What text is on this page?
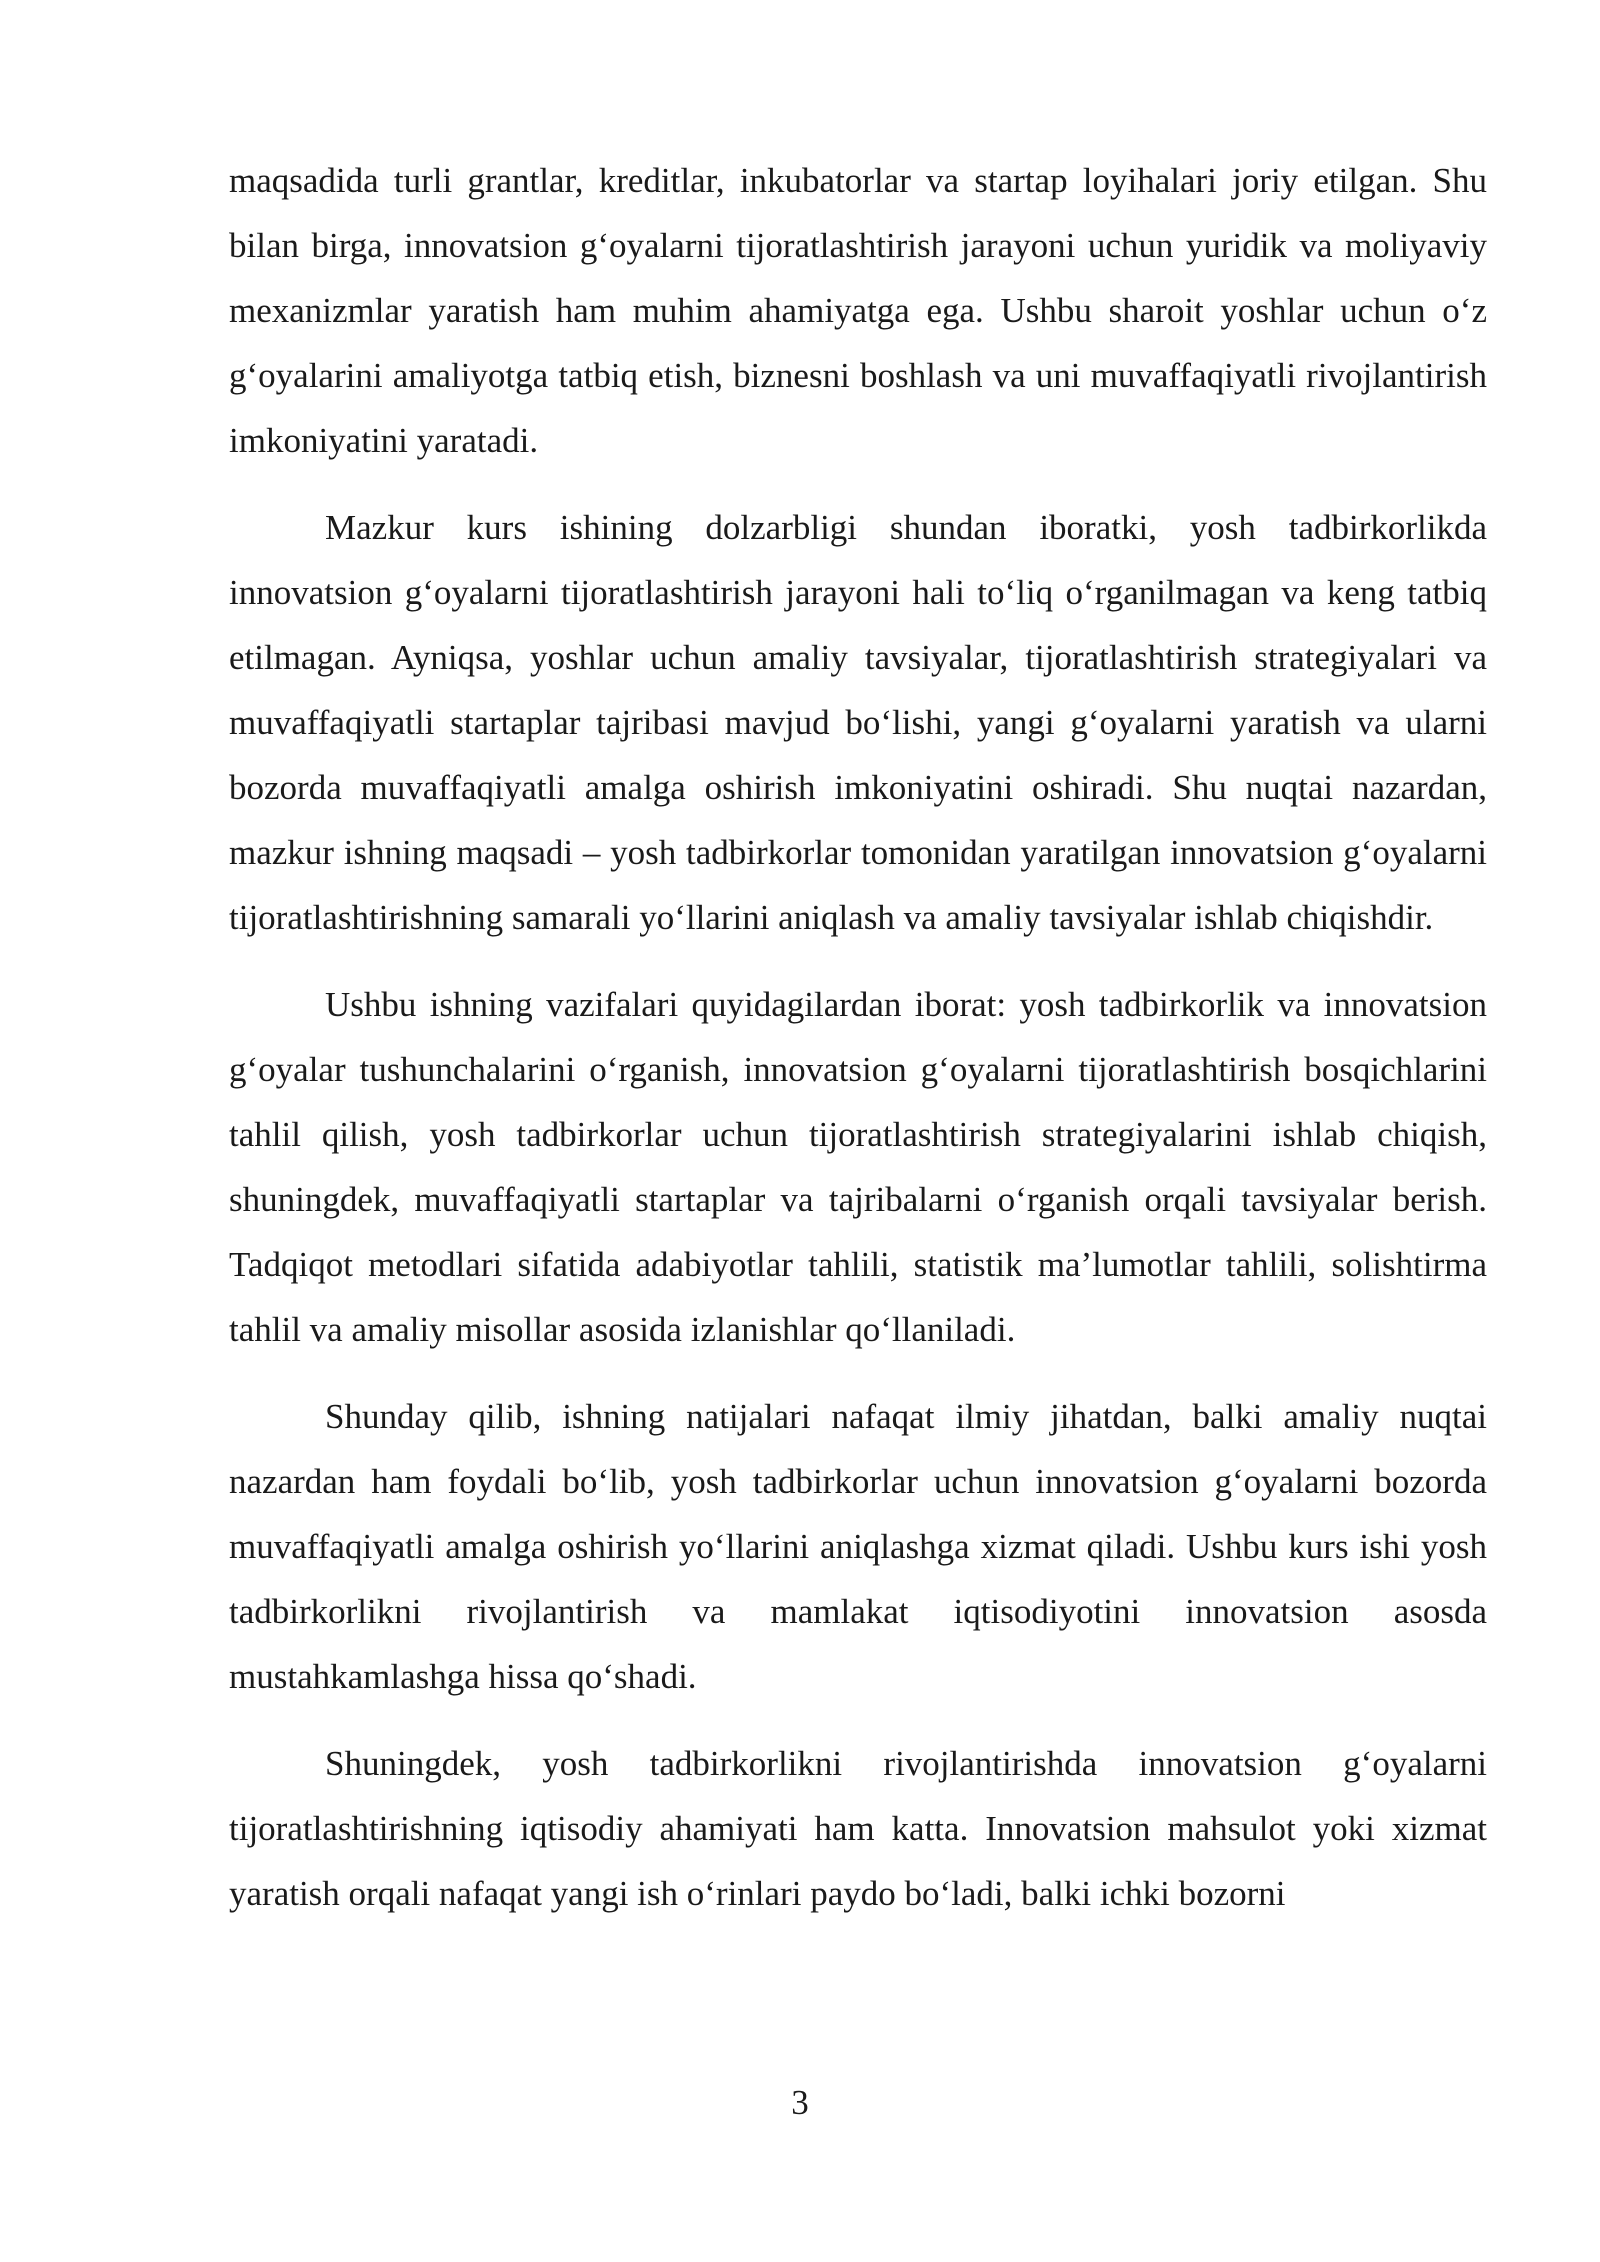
maqsadida turli grantlar, kreditlar, inkubatorlar va startap loyihalari joriy etilgan. Shu bilan birga, innovatsion g‘oyalarni tijoratlashtirish jarayoni uchun yuridik va moliyaviy mexanizmlar yaratish ham muhim ahamiyatga ega. Ushbu sharoit yoshlar uchun o‘z g‘oyalarini amaliyotga tatbiq etish, biznesni boshlash va uni muvaffaqiyatli rivojlantirish imkoniyatini yaratadi.

Mazkur kurs ishining dolzarbligi shundan iboratki, yosh tadbirkorlikda innovatsion g‘oyalarni tijoratlashtirish jarayoni hali to‘liq o‘rganilmagan va keng tatbiq etilmagan. Ayniqsa, yoshlar uchun amaliy tavsiyalar, tijoratlashtirish strategiyalari va muvaffaqiyatli startaplar tajribasi mavjud bo‘lishi, yangi g‘oyalarni yaratish va ularni bozorda muvaffaqiyatli amalga oshirish imkoniyatini oshiradi. Shu nuqtai nazardan, mazkur ishning maqsadi – yosh tadbirkorlar tomonidan yaratilgan innovatsion g‘oyalarni tijoratlashtirishning samarali yo‘llarini aniqlash va amaliy tavsiyalar ishlab chiqishdir.

Ushbu ishning vazifalari quyidagilardan iborat: yosh tadbirkorlik va innovatsion g‘oyalar tushunchalarini o‘rganish, innovatsion g‘oyalarni tijoratlashtirish bosqichlarini tahlil qilish, yosh tadbirkorlar uchun tijoratlashtirish strategiyalarini ishlab chiqish, shuningdek, muvaffaqiyatli startaplar va tajribalarni o‘rganish orqali tavsiyalar berish. Tadqiqot metodlari sifatida adabiyotlar tahlili, statistik ma’lumotlar tahlili, solishtirma tahlil va amaliy misollar asosida izlanishlar qo‘llaniladi.

Shunday qilib, ishning natijalari nafaqat ilmiy jihatdan, balki amaliy nuqtai nazardan ham foydali bo‘lib, yosh tadbirkorlar uchun innovatsion g‘oyalarni bozorda muvaffaqiyatli amalga oshirish yo‘llarini aniqlashga xizmat qiladi. Ushbu kurs ishi yosh tadbirkorlikni rivojlantirish va mamlakat iqtisodiyotini innovatsion asosda mustahkamlashga hissa qo‘shadi.

Shuningdek, yosh tadbirkorlikni rivojlantirishda innovatsion g‘oyalarni tijoratlashtirishning iqtisodiy ahamiyati ham katta. Innovatsion mahsulot yoki xizmat yaratish orqali nafaqat yangi ish o‘rinlari paydo bo‘ladi, balki ichki bozorni

3
